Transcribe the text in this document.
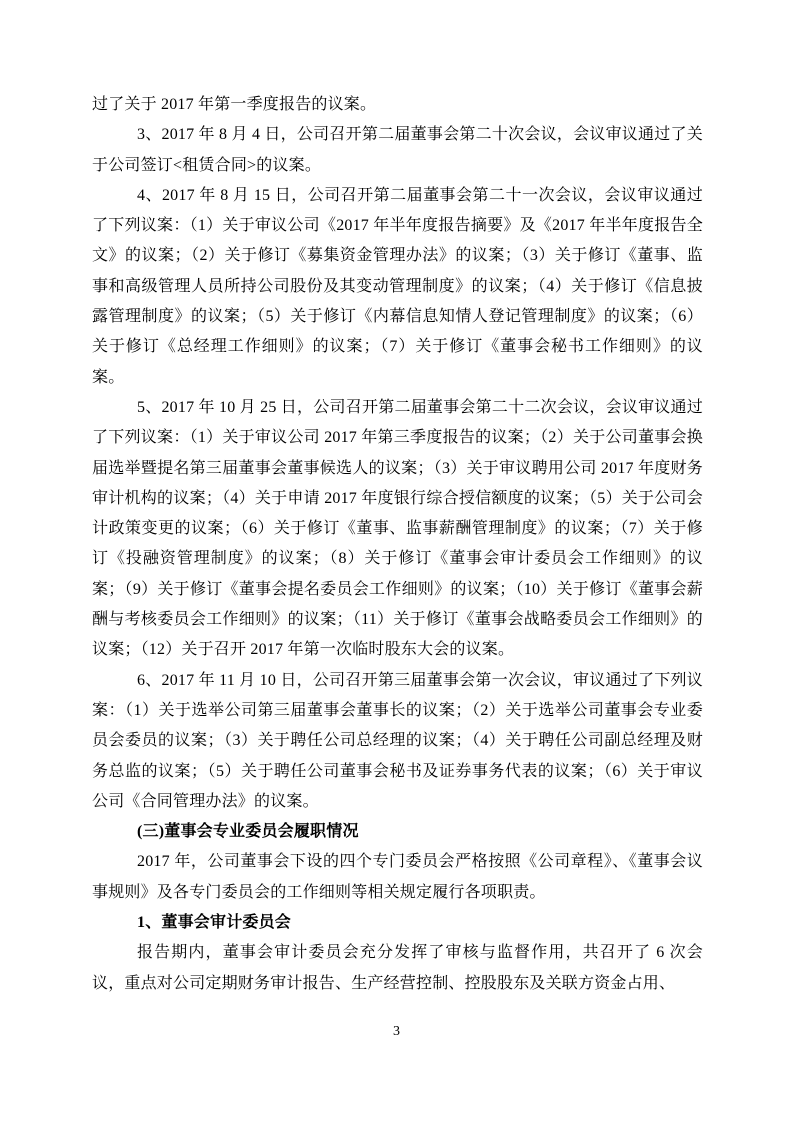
过了关于 2017 年第一季度报告的议案。

3、2017 年 8 月 4 日，公司召开第二届董事会第二十次会议，会议审议通过了关于公司签订<租赁合同>的议案。

4、2017 年 8 月 15 日，公司召开第二届董事会第二十一次会议，会议审议通过了下列议案：（1）关于审议公司《2017 年半年度报告摘要》及《2017 年半年度报告全文》的议案；（2）关于修订《募集资金管理办法》的议案；（3）关于修订《董事、监事和高级管理人员所持公司股份及其变动管理制度》的议案；（4）关于修订《信息披露管理制度》的议案；（5）关于修订《内幕信息知情人登记管理制度》的议案；（6）关于修订《总经理工作细则》的议案；（7）关于修订《董事会秘书工作细则》的议案。

5、2017 年 10 月 25 日，公司召开第二届董事会第二十二次会议，会议审议通过了下列议案：（1）关于审议公司 2017 年第三季度报告的议案；（2）关于公司董事会换届选举暨提名第三届董事会董事候选人的议案；（3）关于审议聘用公司 2017 年度财务审计机构的议案；（4）关于申请 2017 年度银行综合授信额度的议案；（5）关于公司会计政策变更的议案；（6）关于修订《董事、监事薪酬管理制度》的议案；（7）关于修订《投融资管理制度》的议案；（8）关于修订《董事会审计委员会工作细则》的议案；（9）关于修订《董事会提名委员会工作细则》的议案；（10）关于修订《董事会薪酬与考核委员会工作细则》的议案；（11）关于修订《董事会战略委员会工作细则》的议案；（12）关于召开 2017 年第一次临时股东大会的议案。

6、2017 年 11 月 10 日，公司召开第三届董事会第一次会议，审议通过了下列议案：（1）关于选举公司第三届董事会董事长的议案；（2）关于选举公司董事会专业委员会委员的议案；（3）关于聘任公司总经理的议案；（4）关于聘任公司副总经理及财务总监的议案；（5）关于聘任公司董事会秘书及证券事务代表的议案；（6）关于审议公司《合同管理办法》的议案。

(三)董事会专业委员会履职情况

2017 年，公司董事会下设的四个专门委员会严格按照《公司章程》、《董事会议事规则》及各专门委员会的工作细则等相关规定履行各项职责。

1、董事会审计委员会

报告期内，董事会审计委员会充分发挥了审核与监督作用，共召开了 6 次会议，重点对公司定期财务审计报告、生产经营控制、控股股东及关联方资金占用、

3
